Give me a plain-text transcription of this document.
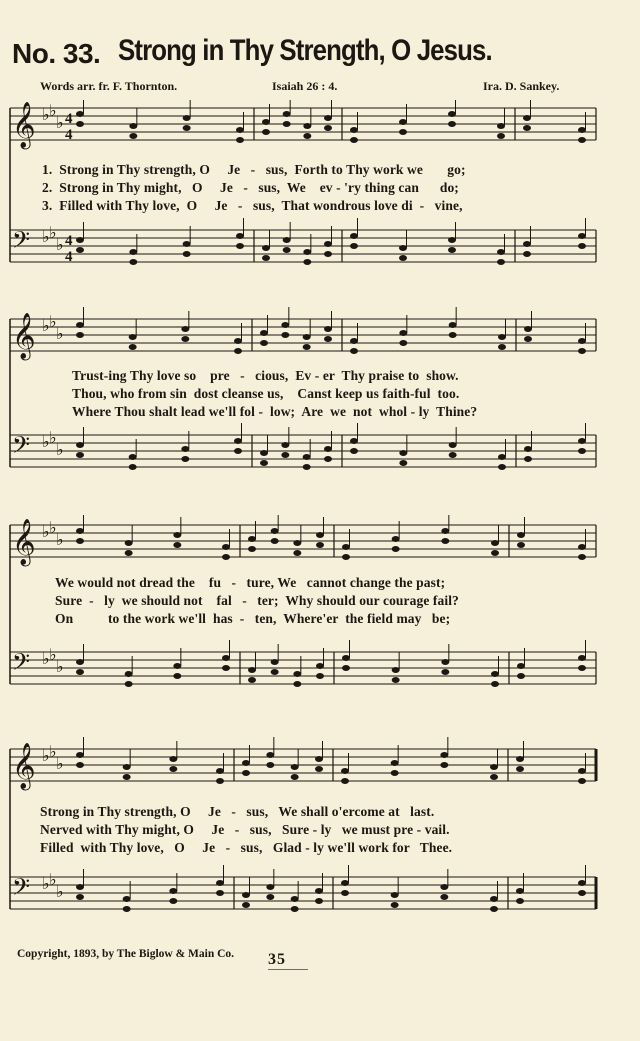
No. 33. Strong in Thy Strength, O Jesus.
Words arr. fr. F. Thornton.	Isaiah 26 : 4.	Ira. D. Sankey.
𝄞 ♭ ♭
♭ 4
4
𝄢 ♭ ♭
♭ 4
4
1.  Strong in Thy strength, O     Je   -   sus,  Forth to Thy work we       go;
2.  Strong in Thy might,   O     Je   -   sus,  We    ev - 'ry thing can      do;
3.  Filled with Thy love,  O     Je   -   sus,  That wondrous love di  -   vine,
𝄞 ♭ ♭
♭
𝄢 ♭ ♭
♭
Trust-ing Thy love so    pre   -   cious,  Ev - er  Thy praise to  show.
Thou, who from sin  dost cleanse us,    Canst keep us faith-ful  too.
Where Thou shalt lead we'll fol -  low;  Are  we  not  whol - ly  Thine?
𝄞 ♭ ♭
♭
𝄢 ♭ ♭
♭
We would not dread the    fu   -   ture, We   cannot change the past;
Sure  -   ly  we should not    fal   -   ter;  Why should our courage fail?
On          to the work we'll  has  -   ten,  Where'er  the field may   be;
𝄞 ♭ ♭
♭
𝄢 ♭ ♭
♭
Strong in Thy strength, O     Je   -   sus,   We shall o'ercome at   last.
Nerved with Thy might, O     Je   -   sus,   Sure - ly   we must pre - vail.
Filled  with Thy love,   O     Je   -   sus,   Glad - ly we'll work for   Thee.
Copyright, 1893, by The Biglow & Main Co. 35
